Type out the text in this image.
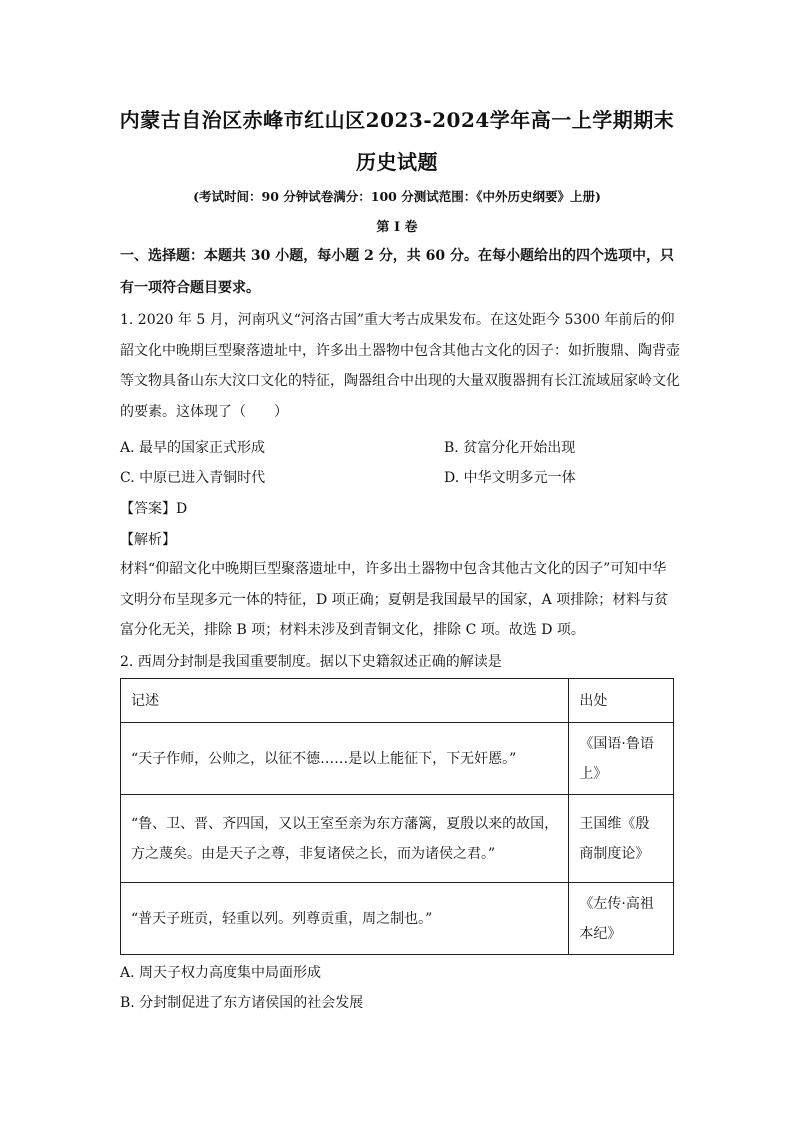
内蒙古自治区赤峰市红山区2023-2024学年高一上学期期末
历史试题
(考试时间：90 分钟试卷满分：100 分测试范围：《中外历史纲要》上册)
第 I 卷
一、选择题：本题共 30 小题，每小题 2 分，共 60 分。在每小题给出的四个选项中，只有一项符合题目要求。
1. 2020 年 5 月，河南巩义“河洛古国”重大考古成果发布。在这处距今 5300 年前后的仰韶文化中晚期巨型聚落遗址中，许多出土器物中包含其他古文化的因子：如折腹鼎、陶背壶等文物具备山东大汶口文化的特征，陶器组合中出现的大量双腹器拥有长江流域屈家岭文化的要素。这体现了（　　）
A. 最早的国家正式形成	B. 贫富分化开始出现
C. 中原已进入青铜时代	D. 中华文明多元一体
【答案】D
【解析】
材料“仰韶文化中晚期巨型聚落遗址中，许多出土器物中包含其他古文化的因子”可知中华文明分布呈现多元一体的特征，D 项正确；夏朝是我国最早的国家，A 项排除；材料与贫富分化无关，排除 B 项；材料未涉及到青铜文化，排除 C 项。故选 D 项。
2. 西周分封制是我国重要制度。据以下史籍叙述正确的解读是
记述	出处
“天子作师，公帅之，以征不德……是以上能征下，下无奸慝。”	《国语·鲁语上》
“鲁、卫、晋、齐四国，又以王室至亲为东方藩篱，夏殷以来的故国，方之蔑矣。由是天子之尊，非复诸侯之长，而为诸侯之君。”	王国维《殷商制度论》
“普天子班贡，轻重以列。列尊贡重，周之制也。”	《左传·高祖本纪》
A. 周天子权力高度集中局面形成
B. 分封制促进了东方诸侯国的社会发展
